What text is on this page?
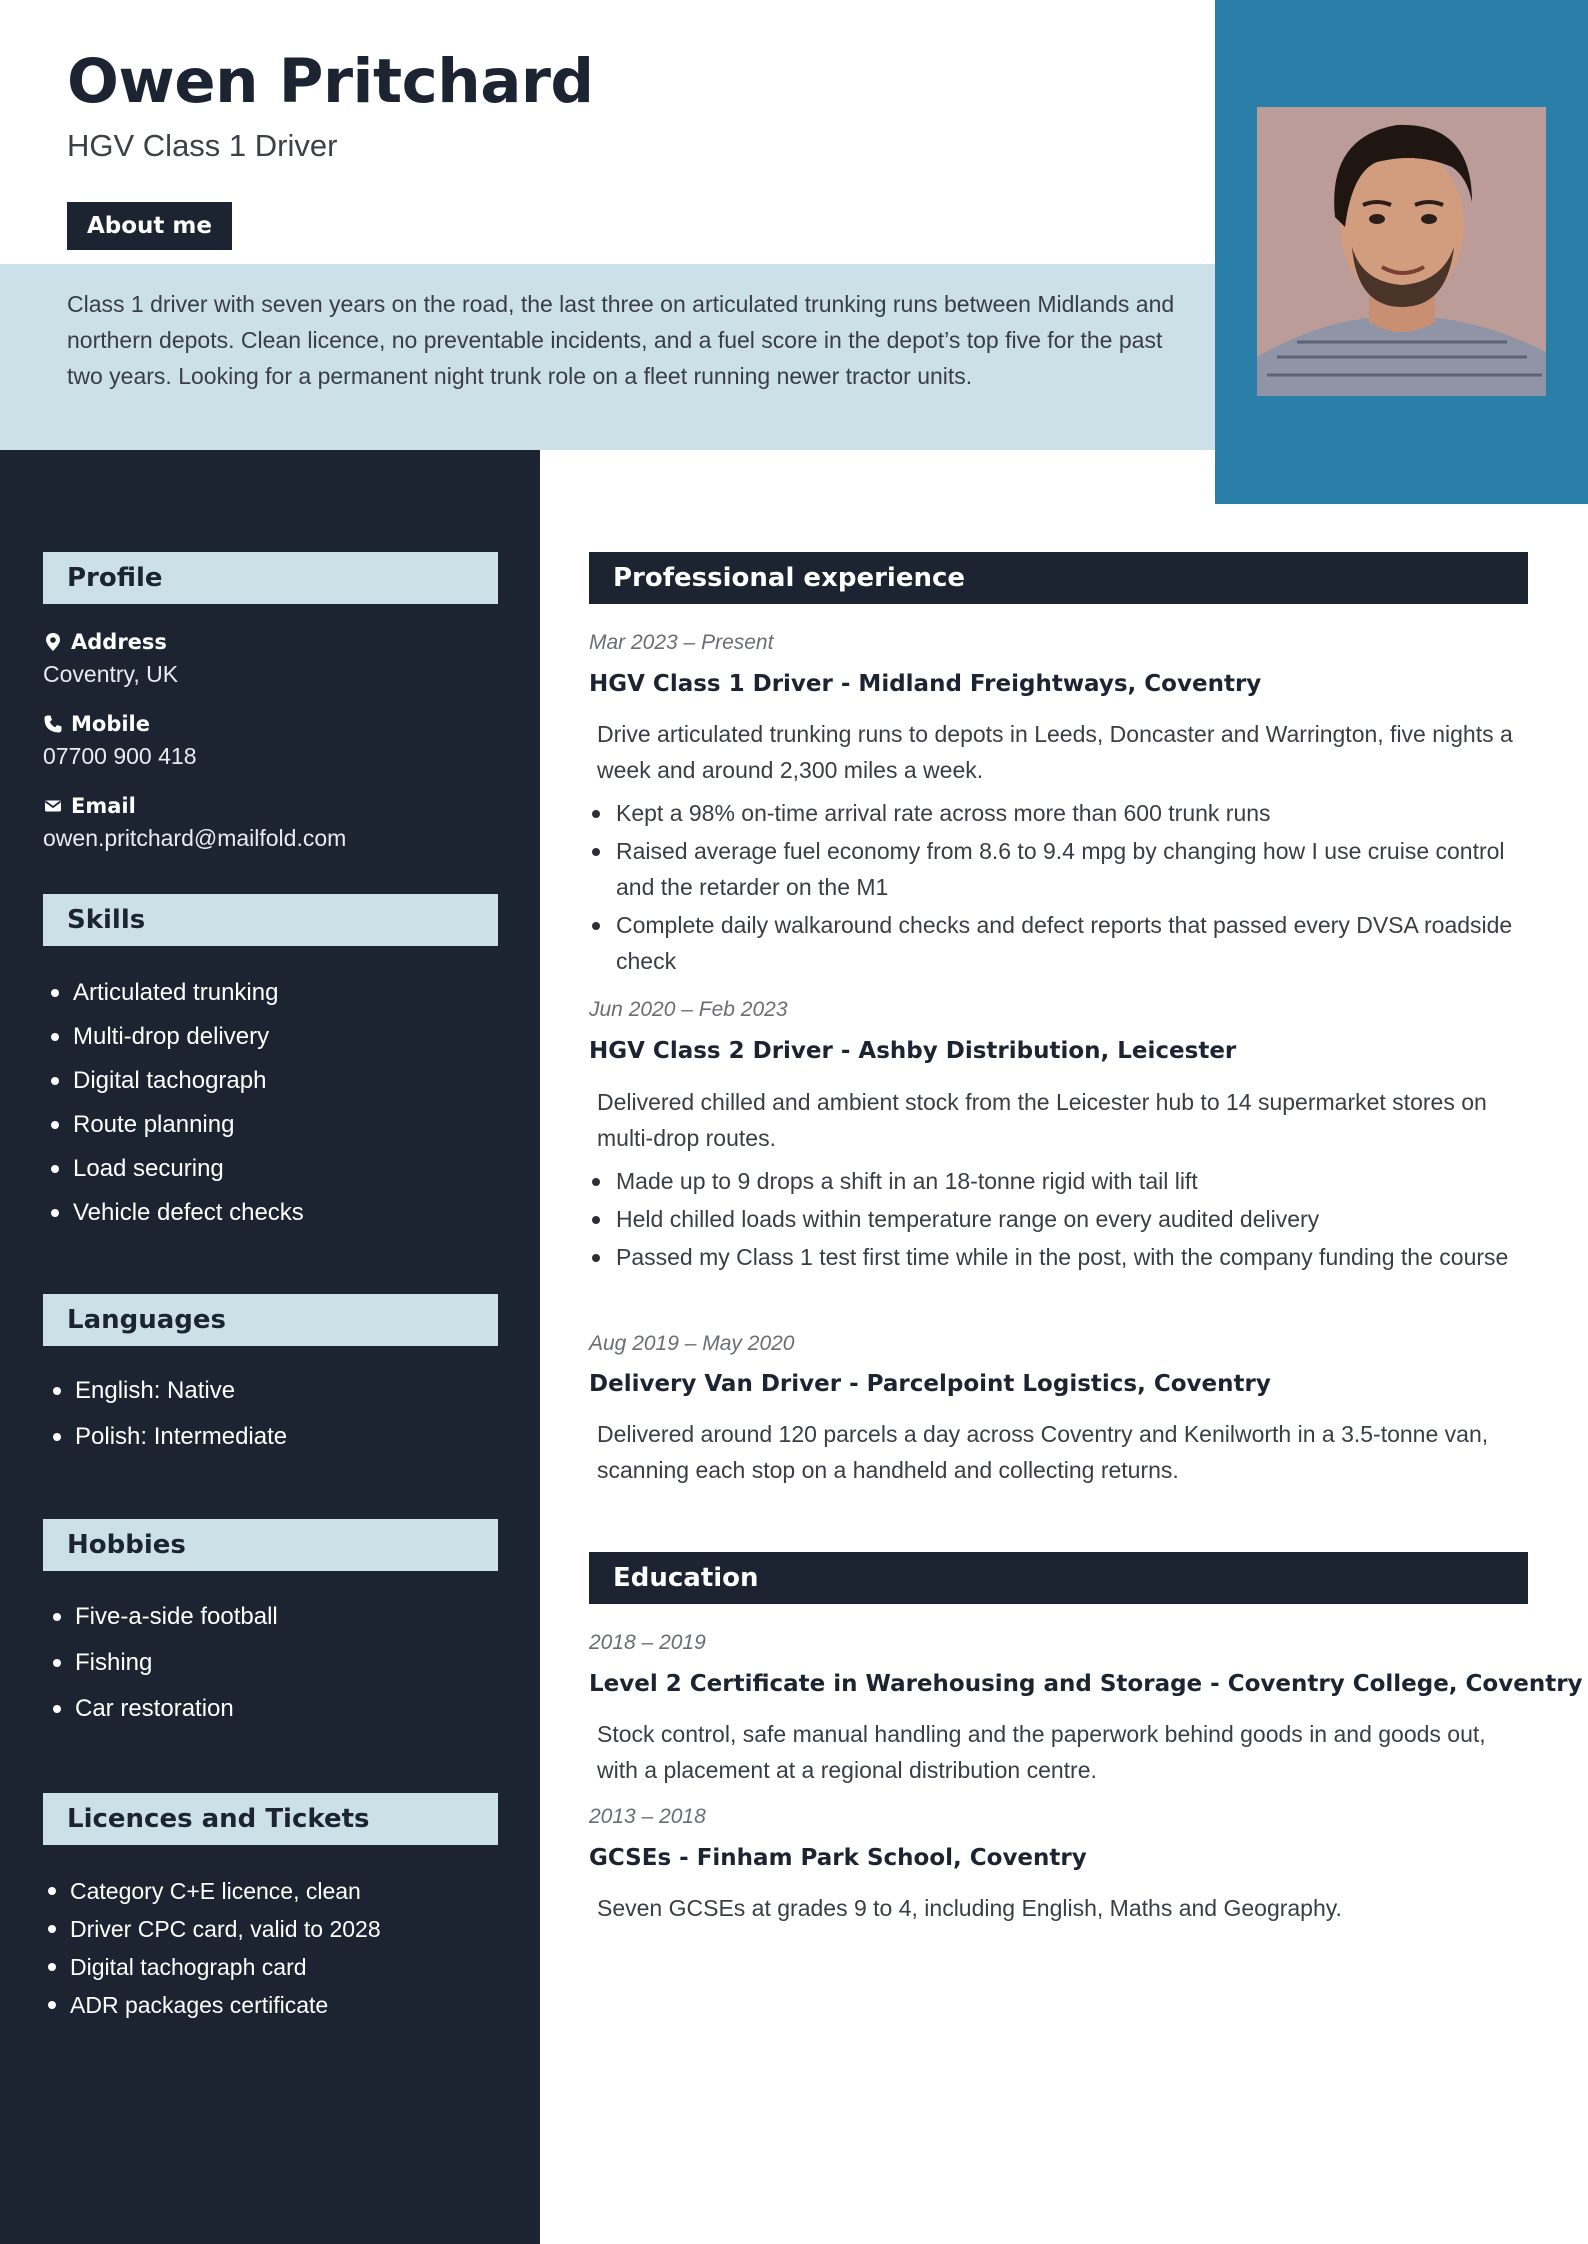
Owen Pritchard
HGV Class 1 Driver
About me
Class 1 driver with seven years on the road, the last three on articulated trunking runs between Midlands and northern depots. Clean licence, no preventable incidents, and a fuel score in the depot’s top five for the past two years. Looking for a permanent night trunk role on a fleet running newer tractor units.
Profile
Address
Coventry, UK
Mobile
07700 900 418
Email
owen.pritchard@mailfold.com
Skills
Articulated trunking
Multi-drop delivery
Digital tachograph
Route planning
Load securing
Vehicle defect checks
Languages
English: Native
Polish: Intermediate
Hobbies
Five-a-side football
Fishing
Car restoration
Licences and Tickets
Category C+E licence, clean
Driver CPC card, valid to 2028
Digital tachograph card
ADR packages certificate
Professional experience
Mar 2023 – Present
HGV Class 1 Driver - Midland Freightways, Coventry
Drive articulated trunking runs to depots in Leeds, Doncaster and Warrington, five nights a week and around 2,300 miles a week.
Kept a 98% on-time arrival rate across more than 600 trunk runs
Raised average fuel economy from 8.6 to 9.4 mpg by changing how I use cruise control and the retarder on the M1
Complete daily walkaround checks and defect reports that passed every DVSA roadside check
Jun 2020 – Feb 2023
HGV Class 2 Driver - Ashby Distribution, Leicester
Delivered chilled and ambient stock from the Leicester hub to 14 supermarket stores on multi-drop routes.
Made up to 9 drops a shift in an 18-tonne rigid with tail lift
Held chilled loads within temperature range on every audited delivery
Passed my Class 1 test first time while in the post, with the company funding the course
Aug 2019 – May 2020
Delivery Van Driver - Parcelpoint Logistics, Coventry
Delivered around 120 parcels a day across Coventry and Kenilworth in a 3.5-tonne van, scanning each stop on a handheld and collecting returns.
Education
2018 – 2019
Level 2 Certificate in Warehousing and Storage - Coventry College, Coventry
Stock control, safe manual handling and the paperwork behind goods in and goods out, with a placement at a regional distribution centre.
2013 – 2018
GCSEs - Finham Park School, Coventry
Seven GCSEs at grades 9 to 4, including English, Maths and Geography.
